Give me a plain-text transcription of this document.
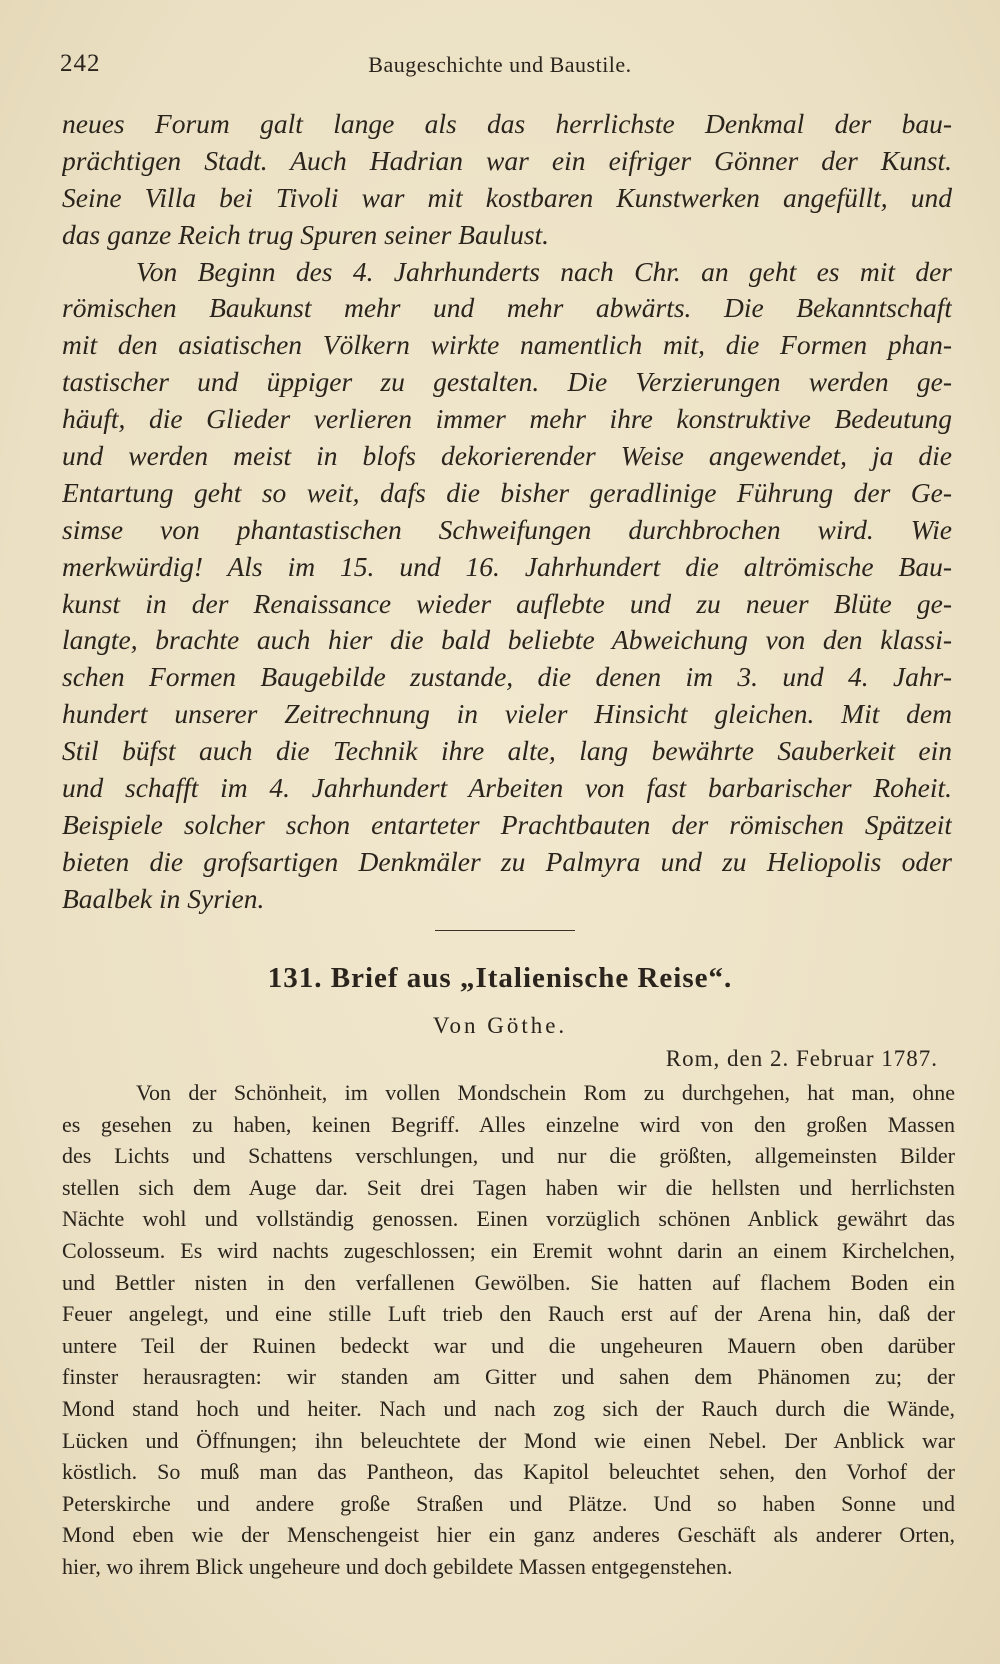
242	Baugeschichte und Baustile.
neues Forum galt lange als das herrlichste Denkmal der bau-
prächtigen Stadt. Auch Hadrian war ein eifriger Gönner der Kunst.
Seine Villa bei Tivoli war mit kostbaren Kunstwerken angefüllt, und
das ganze Reich trug Spuren seiner Baulust.
Von Beginn des 4. Jahrhunderts nach Chr. an geht es mit der
römischen Baukunst mehr und mehr abwärts. Die Bekanntschaft
mit den asiatischen Völkern wirkte namentlich mit, die Formen phan-
tastischer und üppiger zu gestalten. Die Verzierungen werden ge-
häuft, die Glieder verlieren immer mehr ihre konstruktive Bedeutung
und werden meist in blofs dekorierender Weise angewendet, ja die
Entartung geht so weit, dafs die bisher geradlinige Führung der Ge-
simse von phantastischen Schweifungen durchbrochen wird. Wie
merkwürdig! Als im 15. und 16. Jahrhundert die altrömische Bau-
kunst in der Renaissance wieder auflebte und zu neuer Blüte ge-
langte, brachte auch hier die bald beliebte Abweichung von den klassi-
schen Formen Baugebilde zustande, die denen im 3. und 4. Jahr-
hundert unserer Zeitrechnung in vieler Hinsicht gleichen. Mit dem
Stil büfst auch die Technik ihre alte, lang bewährte Sauberkeit ein
und schafft im 4. Jahrhundert Arbeiten von fast barbarischer Roheit.
Beispiele solcher schon entarteter Prachtbauten der römischen Spätzeit
bieten die grofsartigen Denkmäler zu Palmyra und zu Heliopolis oder
Baalbek in Syrien.
131. Brief aus „Italienische Reise“.
Von Göthe.
Rom, den 2. Februar 1787.
Von der Schönheit, im vollen Mondschein Rom zu durchgehen, hat man, ohne
es gesehen zu haben, keinen Begriff. Alles einzelne wird von den großen Massen
des Lichts und Schattens verschlungen, und nur die größten, allgemeinsten Bilder
stellen sich dem Auge dar. Seit drei Tagen haben wir die hellsten und herrlichsten
Nächte wohl und vollständig genossen. Einen vorzüglich schönen Anblick gewährt das
Colosseum. Es wird nachts zugeschlossen; ein Eremit wohnt darin an einem Kirchelchen,
und Bettler nisten in den verfallenen Gewölben. Sie hatten auf flachem Boden ein
Feuer angelegt, und eine stille Luft trieb den Rauch erst auf der Arena hin, daß der
untere Teil der Ruinen bedeckt war und die ungeheuren Mauern oben darüber
finster herausragten: wir standen am Gitter und sahen dem Phänomen zu; der
Mond stand hoch und heiter. Nach und nach zog sich der Rauch durch die Wände,
Lücken und Öffnungen; ihn beleuchtete der Mond wie einen Nebel. Der Anblick war
köstlich. So muß man das Pantheon, das Kapitol beleuchtet sehen, den Vorhof der
Peterskirche und andere große Straßen und Plätze. Und so haben Sonne und
Mond eben wie der Menschengeist hier ein ganz anderes Geschäft als anderer Orten,
hier, wo ihrem Blick ungeheure und doch gebildete Massen entgegenstehen.
